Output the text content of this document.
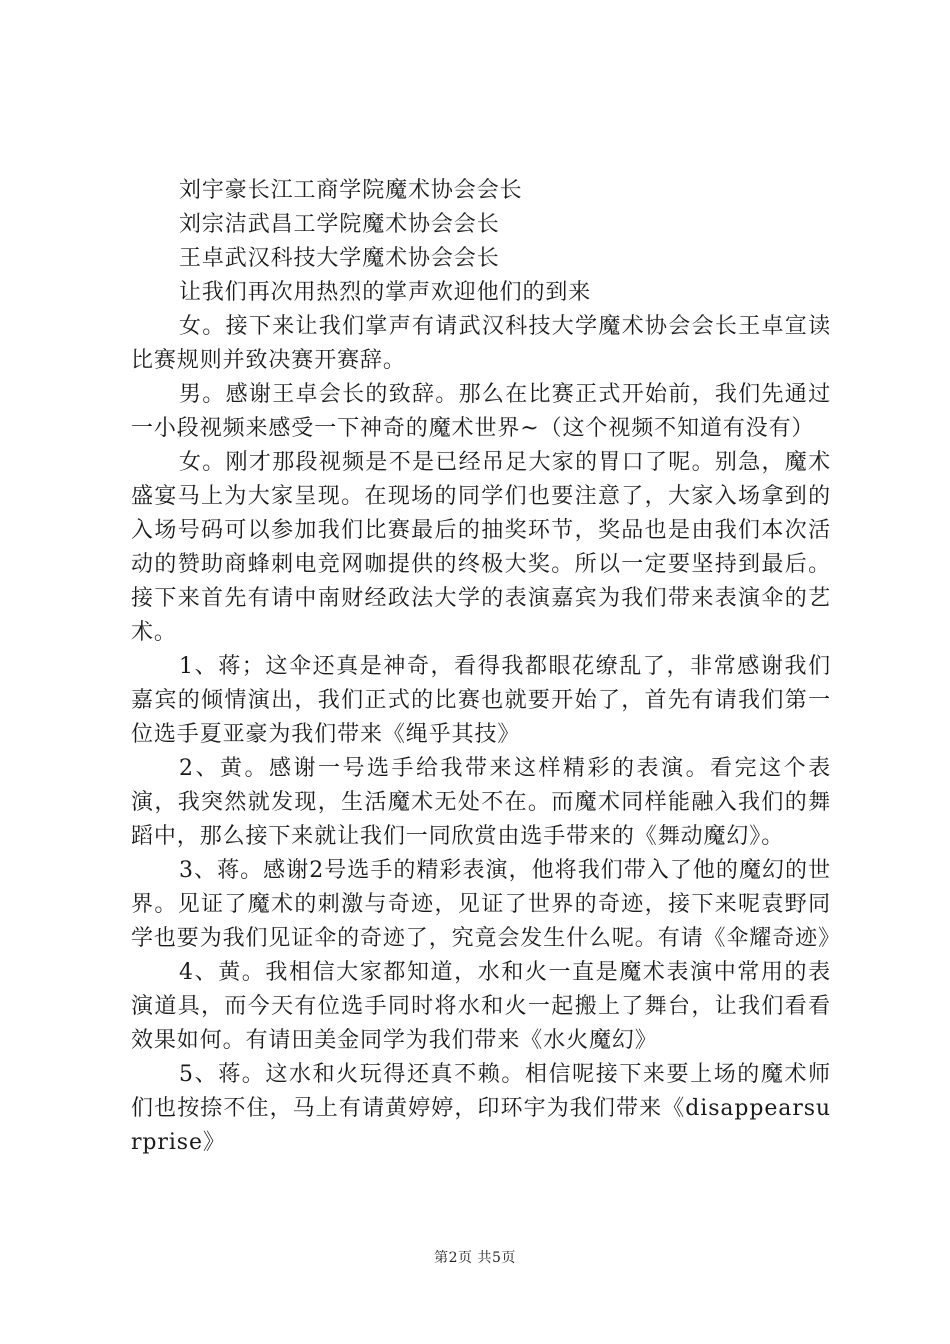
刘宇豪长江工商学院魔术协会会长

刘宗洁武昌工学院魔术协会会长

王卓武汉科技大学魔术协会会长

让我们再次用热烈的掌声欢迎他们的到来

女。接下来让我们掌声有请武汉科技大学魔术协会会长王卓宣读比赛规则并致决赛开赛辞。

男。感谢王卓会长的致辞。那么在比赛正式开始前，我们先通过一小段视频来感受一下神奇的魔术世界~（这个视频不知道有没有）

女。刚才那段视频是不是已经吊足大家的胃口了呢。别急，魔术盛宴马上为大家呈现。在现场的同学们也要注意了，大家入场拿到的入场号码可以参加我们比赛最后的抽奖环节，奖品也是由我们本次活动的赞助商蜂刺电竞网咖提供的终极大奖。所以一定要坚持到最后。接下来首先有请中南财经政法大学的表演嘉宾为我们带来表演伞的艺术。

1、蒋；这伞还真是神奇，看得我都眼花缭乱了，非常感谢我们嘉宾的倾情演出，我们正式的比赛也就要开始了，首先有请我们第一位选手夏亚豪为我们带来《绳乎其技》

2、黄。感谢一号选手给我带来这样精彩的表演。看完这个表演，我突然就发现，生活魔术无处不在。而魔术同样能融入我们的舞蹈中，那么接下来就让我们一同欣赏由选手带来的《舞动魔幻》。

3、蒋。感谢2号选手的精彩表演，他将我们带入了他的魔幻的世界。见证了魔术的刺激与奇迹，见证了世界的奇迹，接下来呢袁野同学也要为我们见证伞的奇迹了，究竟会发生什么呢。有请《伞耀奇迹》

4、黄。我相信大家都知道，水和火一直是魔术表演中常用的表演道具，而今天有位选手同时将水和火一起搬上了舞台，让我们看看效果如何。有请田美金同学为我们带来《水火魔幻》

5、蒋。这水和火玩得还真不赖。相信呢接下来要上场的魔术师们也按捺不住，马上有请黄婷婷，印环宇为我们带来《disappearsurprise》

第2页 共5页
